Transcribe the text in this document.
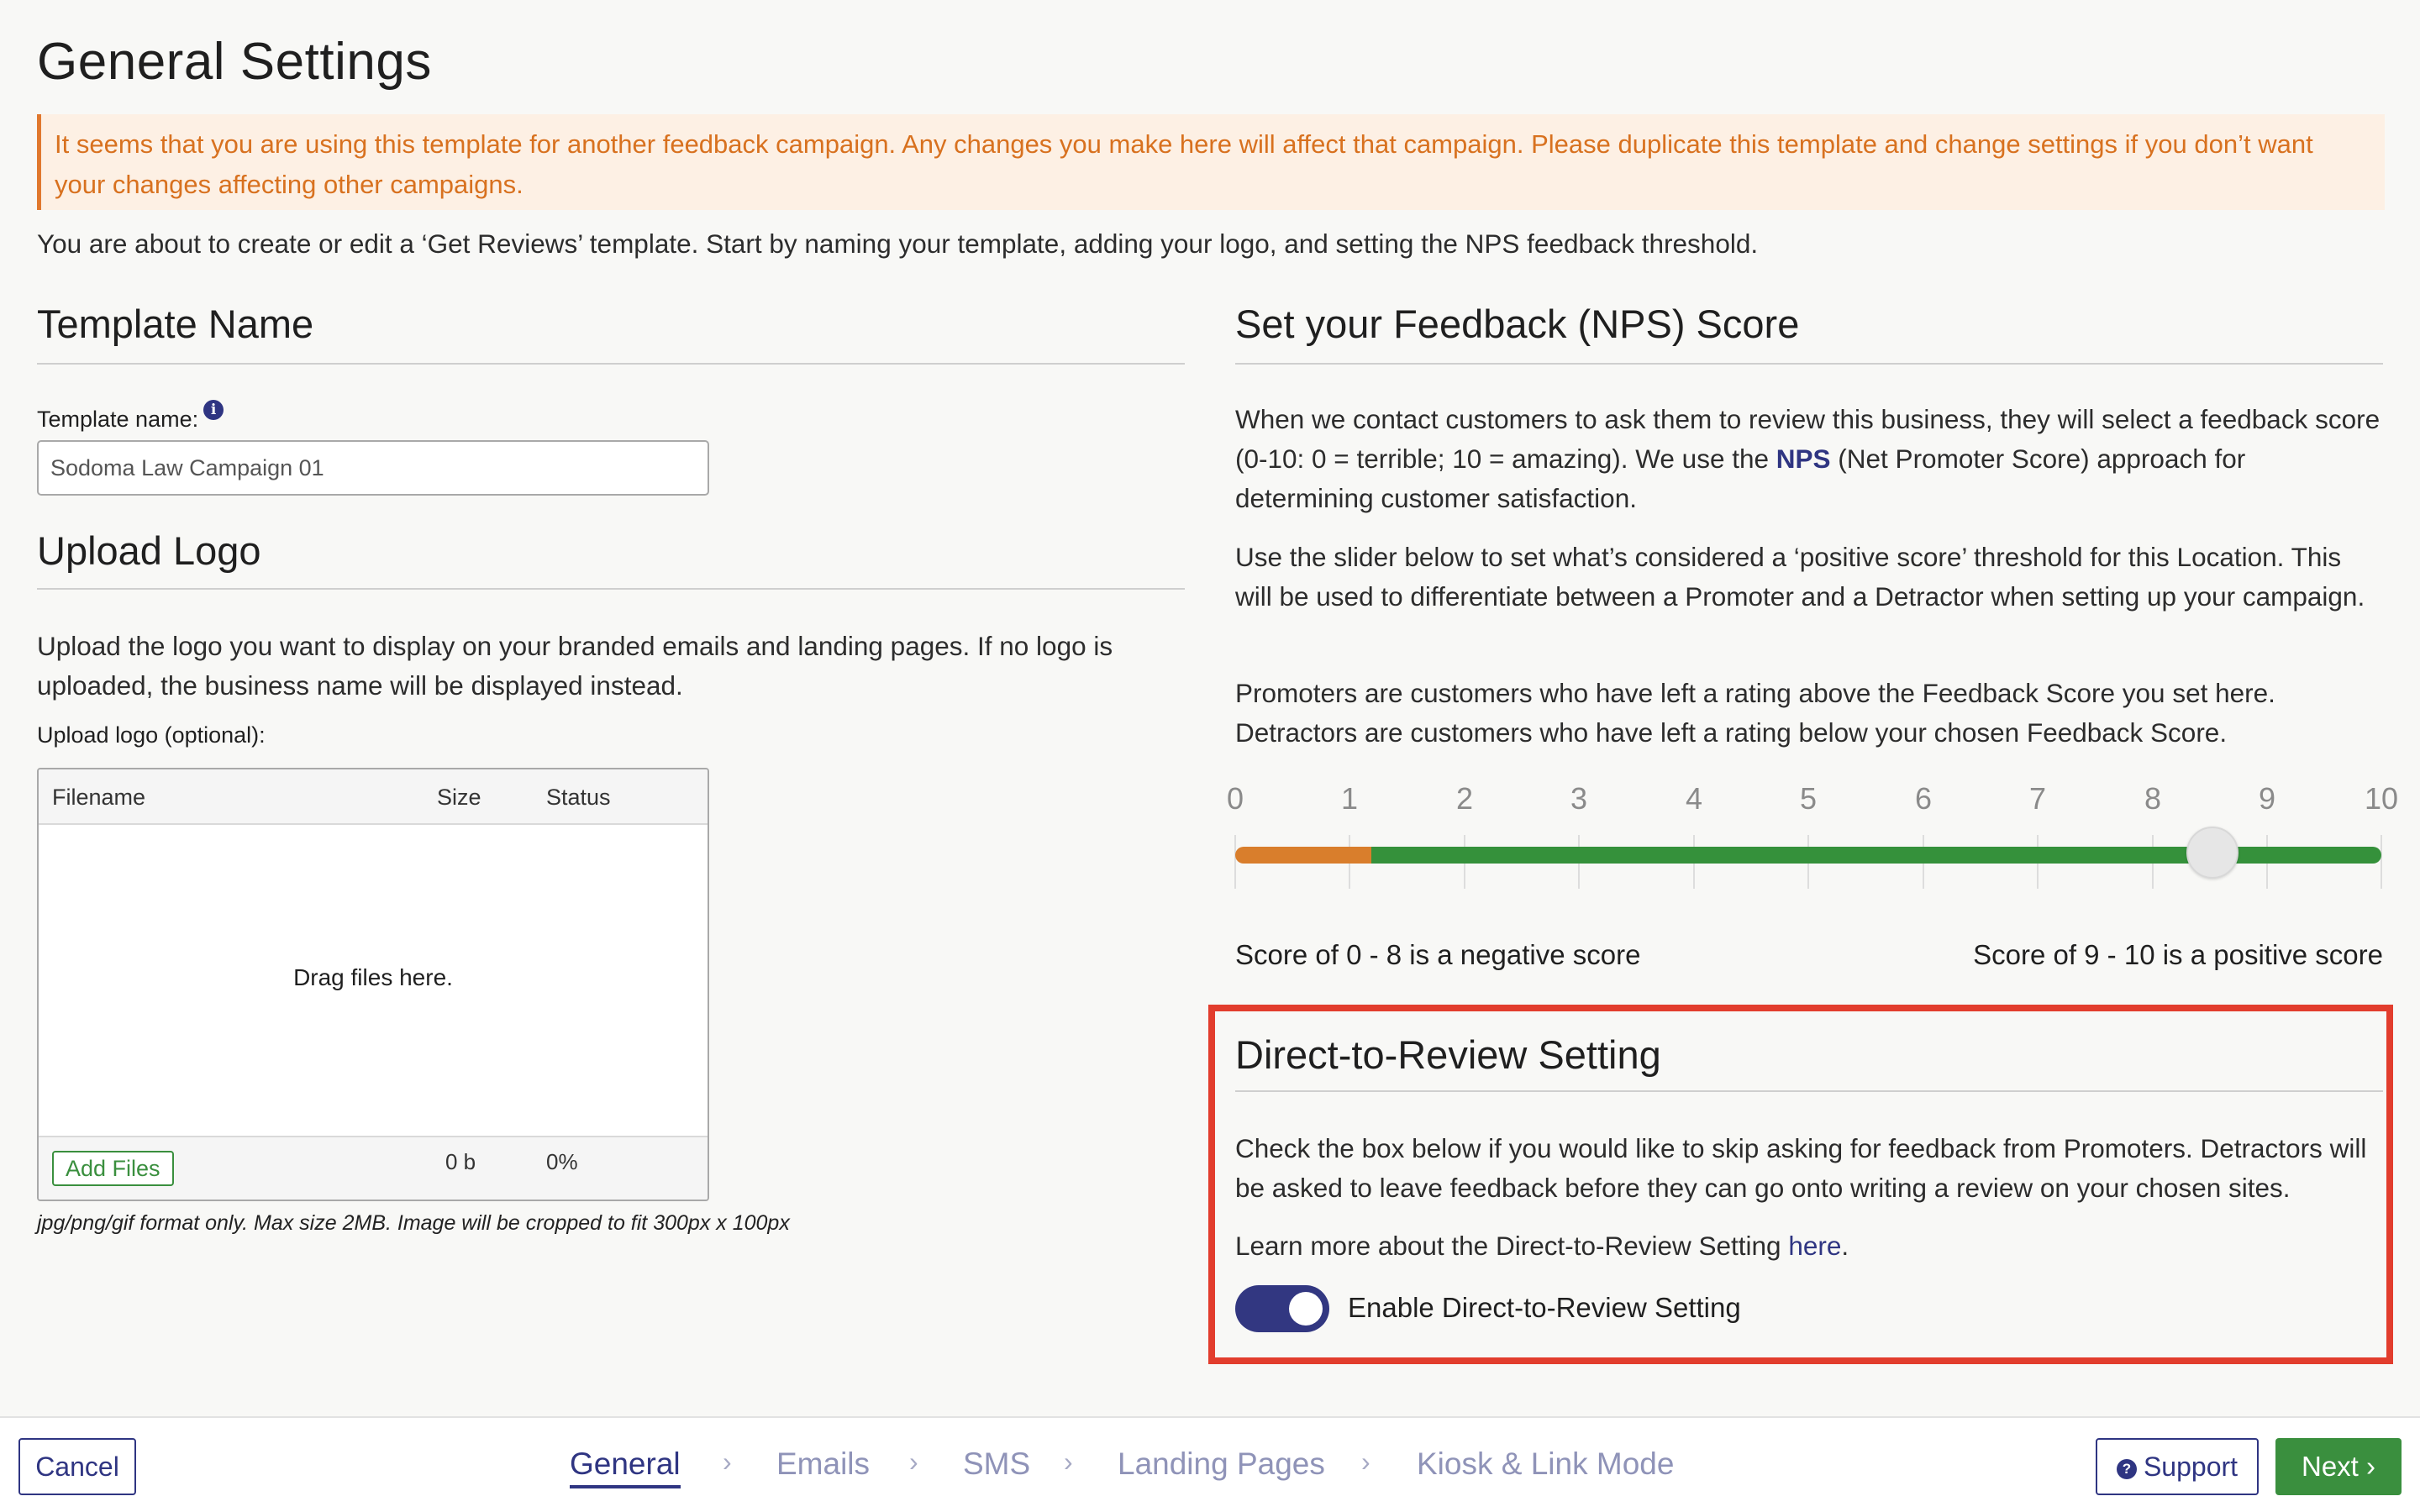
General Settings
It seems that you are using this template for another feedback campaign. Any changes you make here will affect that campaign. Please duplicate this template and change settings if you don’t want your changes affecting other campaigns.
You are about to create or edit a ‘Get Reviews’ template. Start by naming your template, adding your logo, and setting the NPS feedback threshold.
Template Name
Template name: i
Sodoma Law Campaign 01
Upload Logo
Upload the logo you want to display on your branded emails and landing pages. If no logo is uploaded, the business name will be displayed instead.
Upload logo (optional):
Filename	Size	Status
Drag files here.
Add Files	0 b	0%
jpg/png/gif format only. Max size 2MB. Image will be cropped to fit 300px x 100px
Set your Feedback (NPS) Score
When we contact customers to ask them to review this business, they will select a feedback score (0-10: 0 = terrible; 10 = amazing). We use the NPS (Net Promoter Score) approach for determining customer satisfaction.
Use the slider below to set what’s considered a ‘positive score’ threshold for this Location. This will be used to differentiate between a Promoter and a Detractor when setting up your campaign.
Promoters are customers who have left a rating above the Feedback Score you set here. Detractors are customers who have left a rating below your chosen Feedback Score.
0	1	2	3	4	5	6	7	8	9	10
Score of 0 - 8 is a negative score	Score of 9 - 10 is a positive score
Direct-to-Review Setting
Check the box below if you would like to skip asking for feedback from Promoters. Detractors will be asked to leave feedback before they can go onto writing a review on your chosen sites.
Learn more about the Direct-to-Review Setting here.
Enable Direct-to-Review Setting
Cancel	General › Emails › SMS › Landing Pages › Kiosk & Link Mode	? Support	Next ›
